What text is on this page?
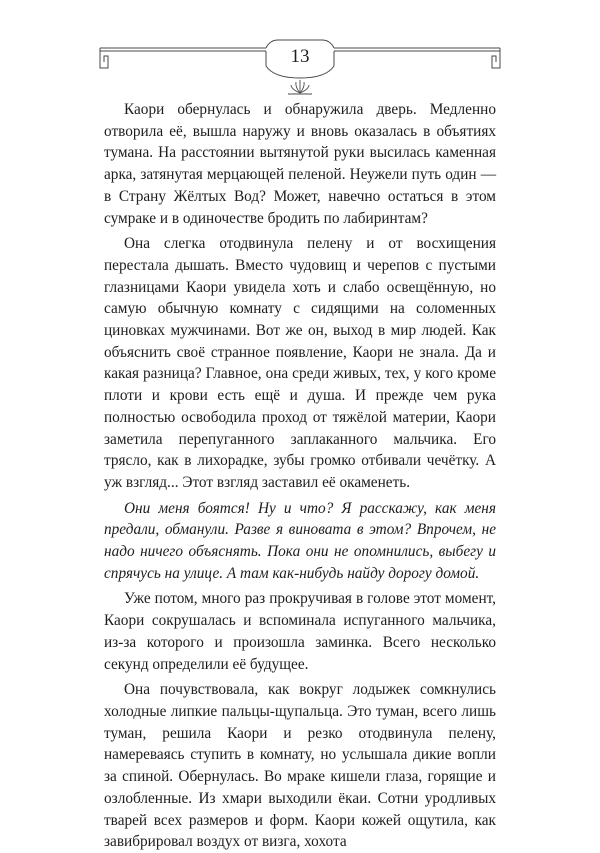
13

Каори обернулась и обнаружила дверь. Медленно отворила её, вышла наружу и вновь оказалась в объятиях тумана. На расстоянии вытянутой руки высилась каменная арка, затянутая мерцающей пеленой. Неужели путь один — в Страну Жёлтых Вод? Может, навечно остаться в этом сумраке и в одиночестве бродить по лабиринтам?

Она слегка отодвинула пелену и от восхищения перестала дышать. Вместо чудовищ и черепов с пустыми глазницами Каори увидела хоть и слабо освещённую, но самую обычную комнату с сидящими на соломенных циновках мужчинами. Вот же он, выход в мир людей. Как объяснить своё странное появление, Каори не знала. Да и какая разница? Главное, она среди живых, тех, у кого кроме плоти и крови есть ещё и душа. И прежде чем рука полностью освободила проход от тяжёлой материи, Каори заметила перепуганного заплаканного мальчика. Его трясло, как в лихорадке, зубы громко отбивали чечётку. А уж взгляд... Этот взгляд заставил её окаменеть.

Они меня боятся! Ну и что? Я расскажу, как меня предали, обманули. Разве я виновата в этом? Впрочем, не надо ничего объяснять. Пока они не опомнились, выбегу и спрячусь на улице. А там как-нибудь найду дорогу домой.

Уже потом, много раз прокручивая в голове этот момент, Каори сокрушалась и вспоминала испуганного мальчика, из-за которого и произошла заминка. Всего несколько секунд определили её будущее.

Она почувствовала, как вокруг лодыжек сомкнулись холодные липкие пальцы-щупальца. Это туман, всего лишь туман, решила Каори и резко отодвинула пелену, намереваясь ступить в комнату, но услышала дикие вопли за спиной. Обернулась. Во мраке кишели глаза, горящие и озлобленные. Из хмари выходили ёкаи. Сотни уродливых тварей всех размеров и форм. Каори кожей ощутила, как завибрировал воздух от визга, хохота
